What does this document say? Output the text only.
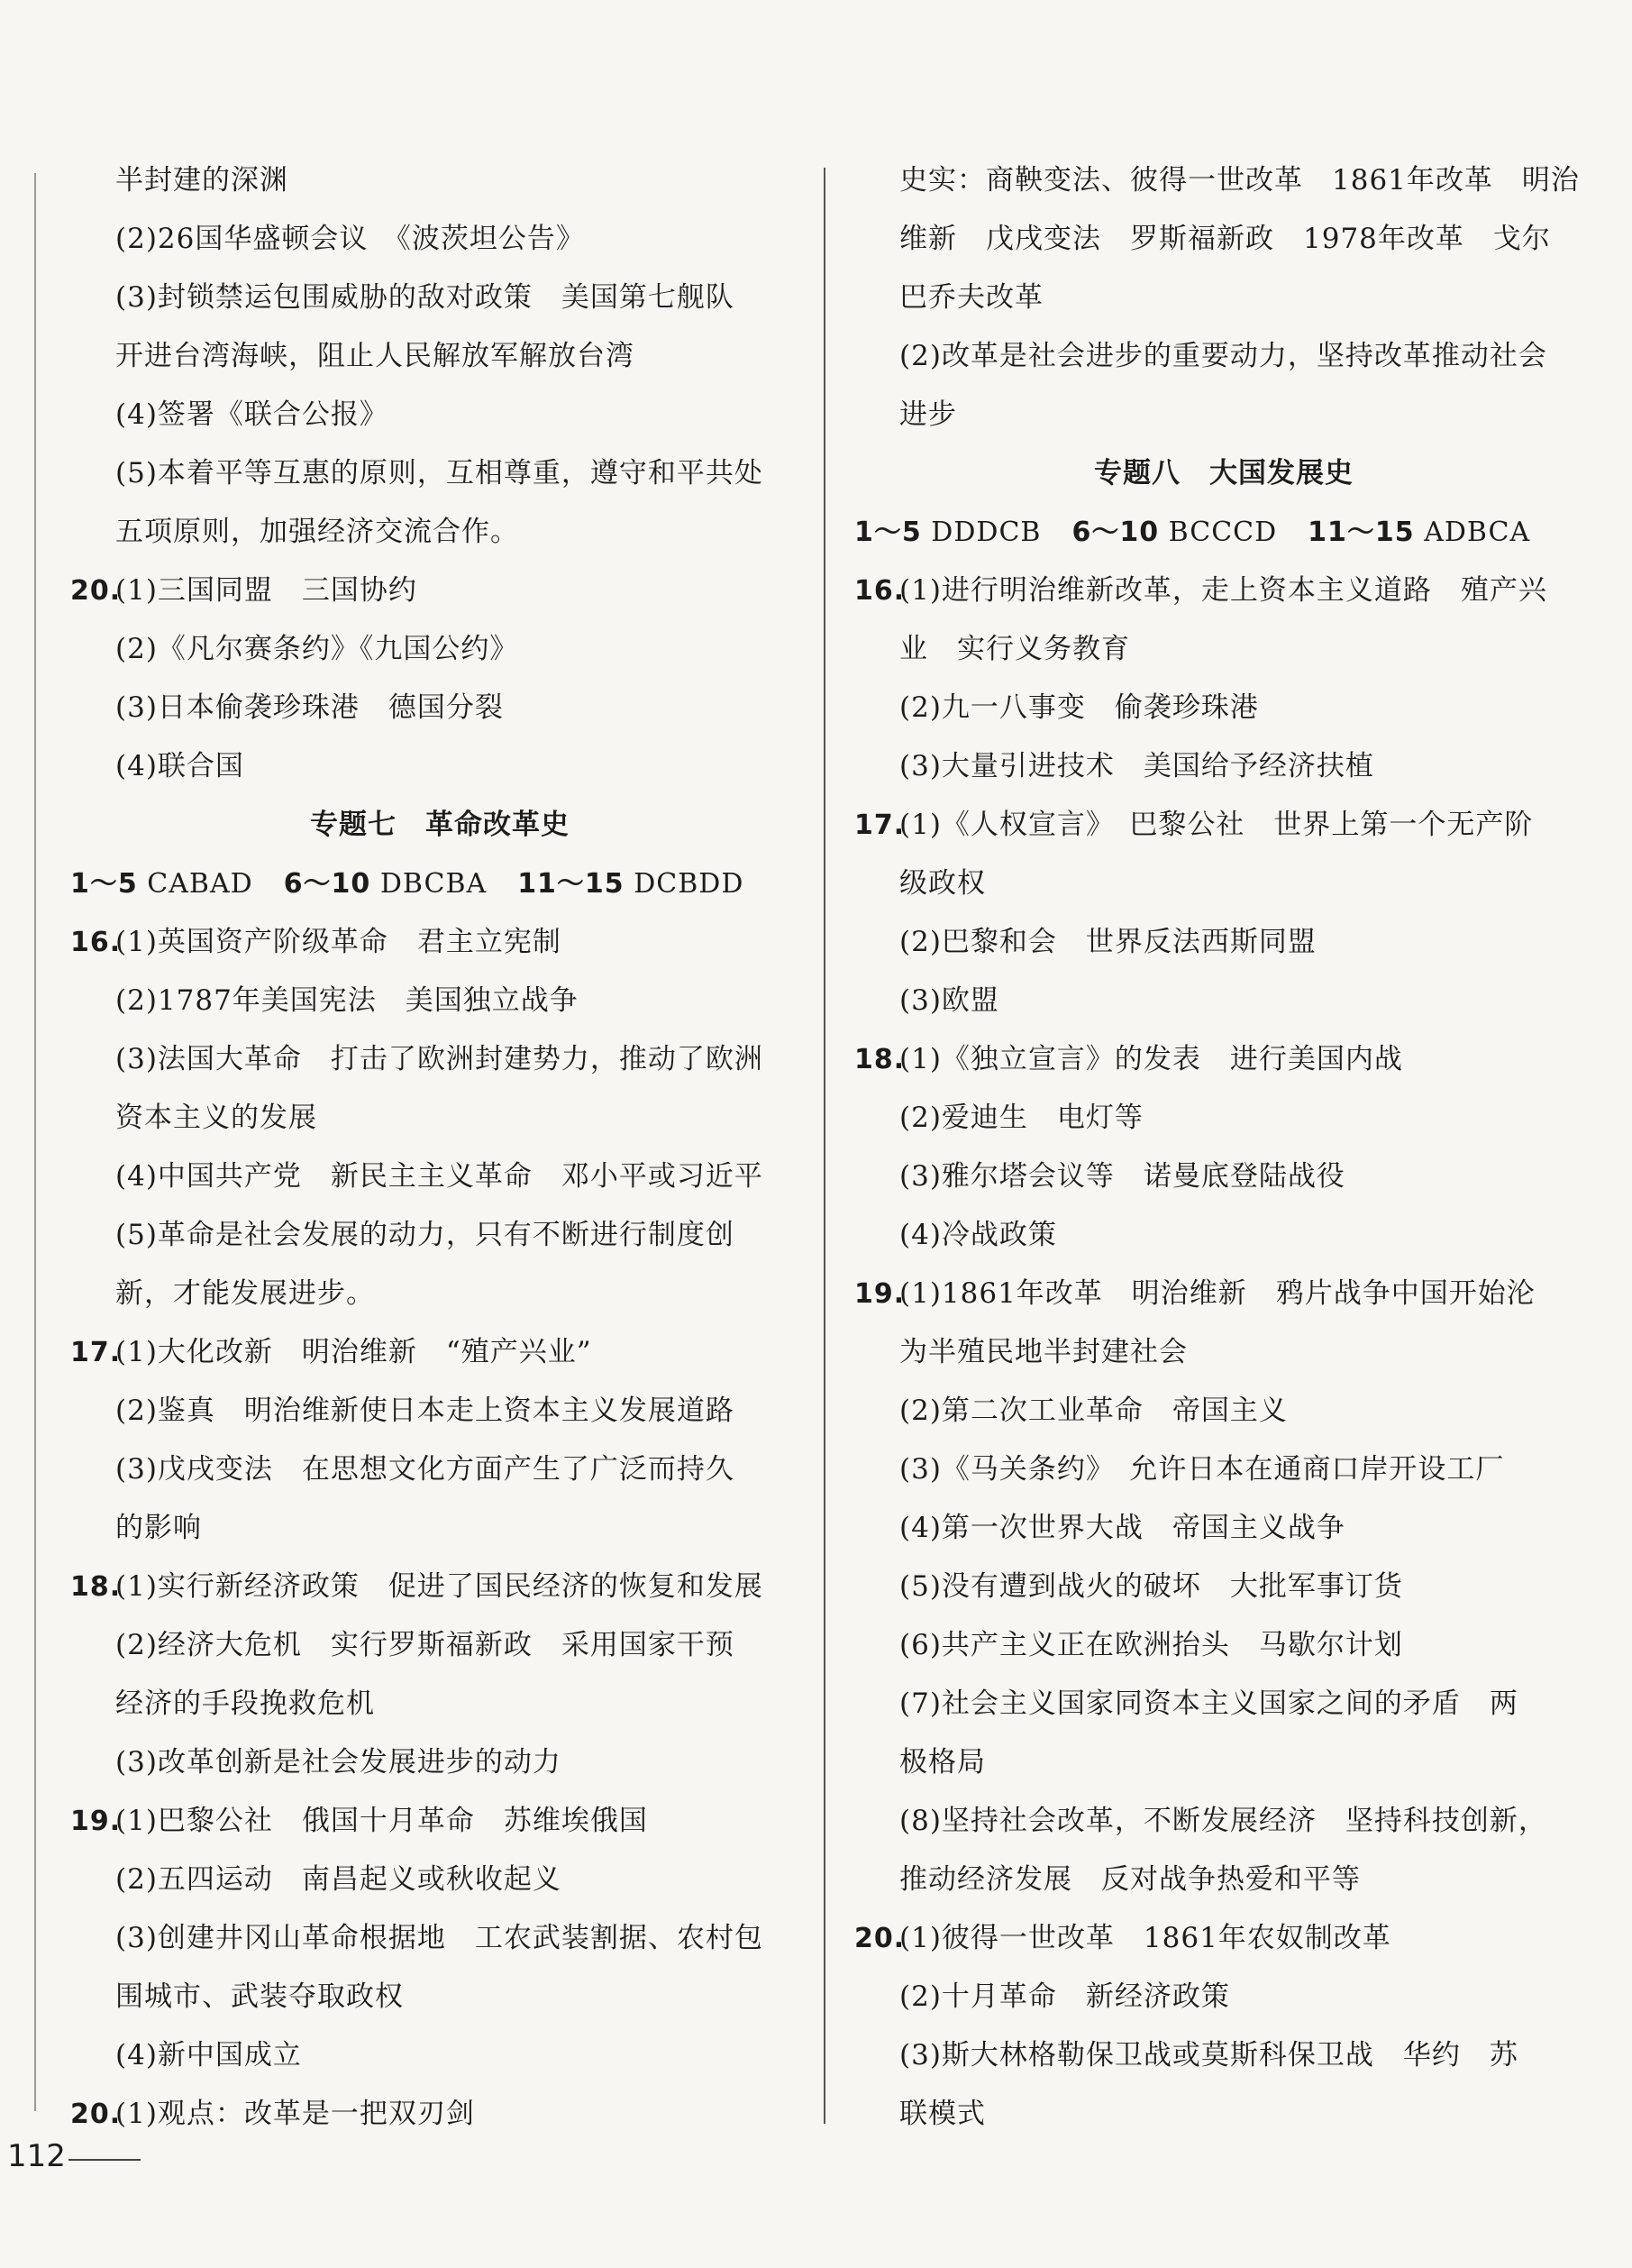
半封建的深渊
(2)26国华盛顿会议　《波茨坦公告》
(3)封锁禁运包围威胁的敌对政策　美国第七舰队
开进台湾海峡，阻止人民解放军解放台湾
(4)签署《联合公报》
(5)本着平等互惠的原则，互相尊重，遵守和平共处
五项原则，加强经济交流合作。
20.(1)三国同盟　三国协约
(2)《凡尔赛条约》《九国公约》
(3)日本偷袭珍珠港　德国分裂
(4)联合国
专题七　革命改革史
1～5 CABAD 6～10 DBCBA 11～15 DCBDD
16.(1)英国资产阶级革命　君主立宪制
(2)1787年美国宪法　美国独立战争
(3)法国大革命　打击了欧洲封建势力，推动了欧洲
资本主义的发展
(4)中国共产党　新民主主义革命　邓小平或习近平
(5)革命是社会发展的动力，只有不断进行制度创
新，才能发展进步。
17.(1)大化改新　明治维新　“殖产兴业”
(2)鉴真　明治维新使日本走上资本主义发展道路
(3)戊戌变法　在思想文化方面产生了广泛而持久
的影响
18.(1)实行新经济政策　促进了国民经济的恢复和发展
(2)经济大危机　实行罗斯福新政　采用国家干预
经济的手段挽救危机
(3)改革创新是社会发展进步的动力
19.(1)巴黎公社　俄国十月革命　苏维埃俄国
(2)五四运动　南昌起义或秋收起义
(3)创建井冈山革命根据地　工农武装割据、农村包
围城市、武装夺取政权
(4)新中国成立
20.(1)观点：改革是一把双刃剑
史实：商鞅变法、彼得一世改革　1861年改革　明治
维新　戊戌变法　罗斯福新政　1978年改革　戈尔
巴乔夫改革
(2)改革是社会进步的重要动力，坚持改革推动社会
进步
专题八　大国发展史
1～5 DDDCB 6～10 BCCCD 11～15 ADBCA
16.(1)进行明治维新改革，走上资本主义道路　殖产兴
业　实行义务教育
(2)九一八事变　偷袭珍珠港
(3)大量引进技术　美国给予经济扶植
17.(1)《人权宣言》　巴黎公社　世界上第一个无产阶
级政权
(2)巴黎和会　世界反法西斯同盟
(3)欧盟
18.(1)《独立宣言》的发表　进行美国内战
(2)爱迪生　电灯等
(3)雅尔塔会议等　诺曼底登陆战役
(4)冷战政策
19.(1)1861年改革　明治维新　鸦片战争中国开始沦
为半殖民地半封建社会
(2)第二次工业革命　帝国主义
(3)《马关条约》　允许日本在通商口岸开设工厂
(4)第一次世界大战　帝国主义战争
(5)没有遭到战火的破坏　大批军事订货
(6)共产主义正在欧洲抬头　马歇尔计划
(7)社会主义国家同资本主义国家之间的矛盾　两
极格局
(8)坚持社会改革，不断发展经济　坚持科技创新，
推动经济发展　反对战争热爱和平等
20.(1)彼得一世改革　1861年农奴制改革
(2)十月革命　新经济政策
(3)斯大林格勒保卫战或莫斯科保卫战　华约　苏
联模式
112
